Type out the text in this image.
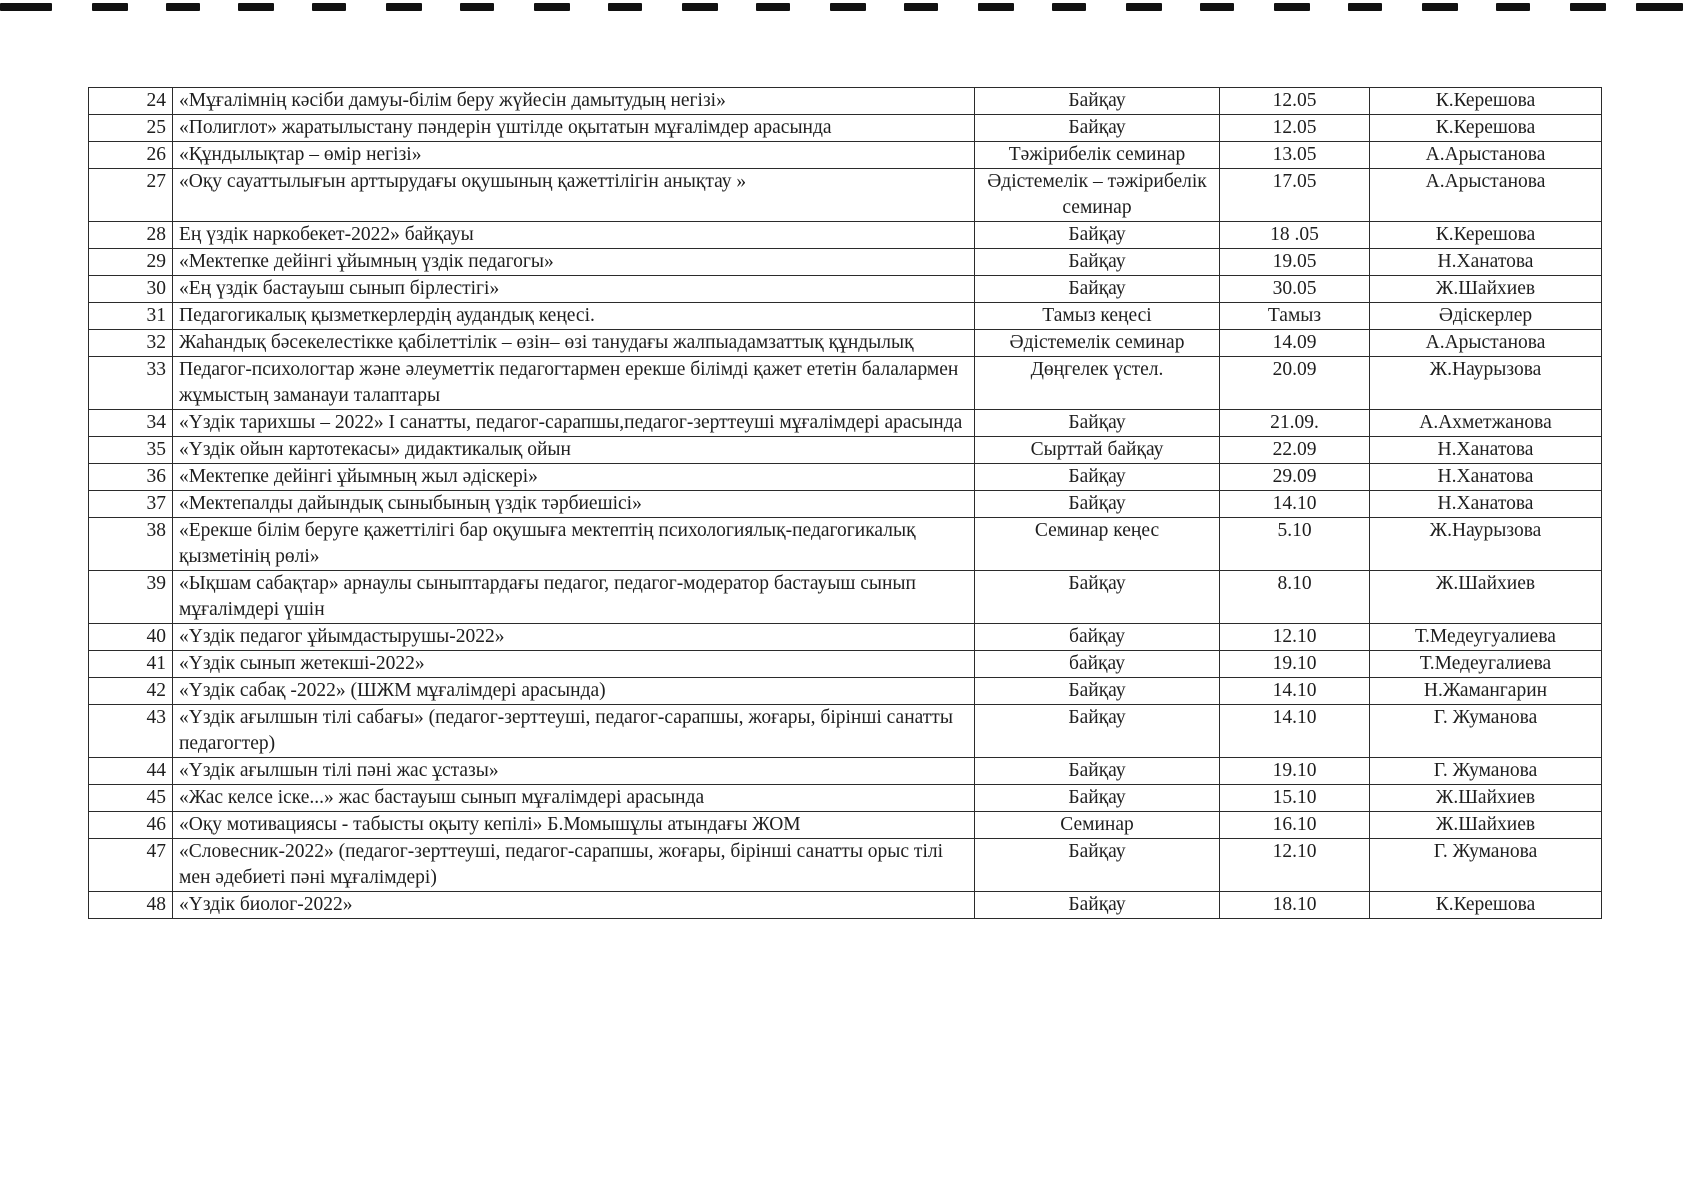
24	«Мұғалімнің кәсіби дамуы-білім беру жүйесін дамытудың негізі»	Байқау	12.05	К.Керешова
25	«Полиглот» жаратылыстану пәндерін үштілде оқытатын мұғалімдер арасында	Байқау	12.05	К.Керешова
26	«Құндылықтар – өмір негізі»	Тәжірибелік семинар	13.05	А.Арыстанова
27	«Оқу сауаттылығын арттырудағы оқушының қажеттілігін анықтау »	Әдістемелік – тәжірибелік семинар	17.05	А.Арыстанова
28	Ең үздік наркобекет-2022» байқауы	Байқау	18 .05	К.Керешова
29	«Мектепке дейінгі ұйымның үздік педагогы»	Байқау	19.05	Н.Ханатова
30	«Ең үздік бастауыш сынып бірлестігі»	Байқау	30.05	Ж.Шайхиев
31	Педагогикалық қызметкерлердің аудандық кеңесі.	Тамыз кеңесі	Тамыз	Әдіскерлер
32	Жаһандық бәсекелестікке қабілеттілік – өзін– өзі танудағы жалпыадамзаттық құндылық	Әдістемелік семинар	14.09	А.Арыстанова
33	Педагог-психологтар және әлеуметтік педагогтармен ерекше білімді қажет ететін балалармен жұмыстың заманауи талаптары	Дөңгелек үстел.	20.09	Ж.Наурызова
34	«Үздік тарихшы – 2022» I санатты, педагог-сарапшы,педагог-зерттеуші мұғалімдері арасында	Байқау	21.09.	А.Ахметжанова
35	«Үздік ойын картотекасы» дидактикалық ойын	Сырттай байқау	22.09	Н.Ханатова
36	«Мектепке дейінгі ұйымның жыл әдіскері»	Байқау	29.09	Н.Ханатова
37	«Мектепалды дайындық сыныбының үздік тәрбиешісі»	Байқау	14.10	Н.Ханатова
38	«Ерекше білім беруге қажеттілігі бар оқушыға мектептің психологиялық-педагогикалық қызметінің рөлі»	Семинар кеңес	5.10	Ж.Наурызова
39	«Ықшам сабақтар» арнаулы сыныптардағы педагог, педагог-модератор бастауыш сынып мұғалімдері үшін	Байқау	8.10	Ж.Шайхиев
40	«Үздік педагог ұйымдастырушы-2022»	байқау	12.10	Т.Медеугуалиева
41	«Үздік сынып жетекші-2022»	байқау	19.10	Т.Медеугалиева
42	«Үздік сабақ -2022» (ШЖМ мұғалімдері арасында)	Байқау	14.10	Н.Жамангарин
43	«Үздік ағылшын тілі сабағы» (педагог-зерттеуші, педагог-сарапшы, жоғары, бірінші санатты педагогтер)	Байқау	14.10	Г. Жуманова
44	«Үздік ағылшын тілі пәні жас ұстазы»	Байқау	19.10	Г. Жуманова
45	«Жас келсе іске...» жас бастауыш сынып мұғалімдері арасында	Байқау	15.10	Ж.Шайхиев
46	«Оқу мотивациясы - табысты оқыту кепілі» Б.Момышұлы атындағы ЖОМ	Семинар	16.10	Ж.Шайхиев
47	«Словесник-2022» (педагог-зерттеуші, педагог-сарапшы, жоғары, бірінші санатты орыс тілі мен әдебиеті пәні мұғалімдері)	Байқау	12.10	Г. Жуманова
48	«Үздік биолог-2022»	Байқау	18.10	К.Керешова
